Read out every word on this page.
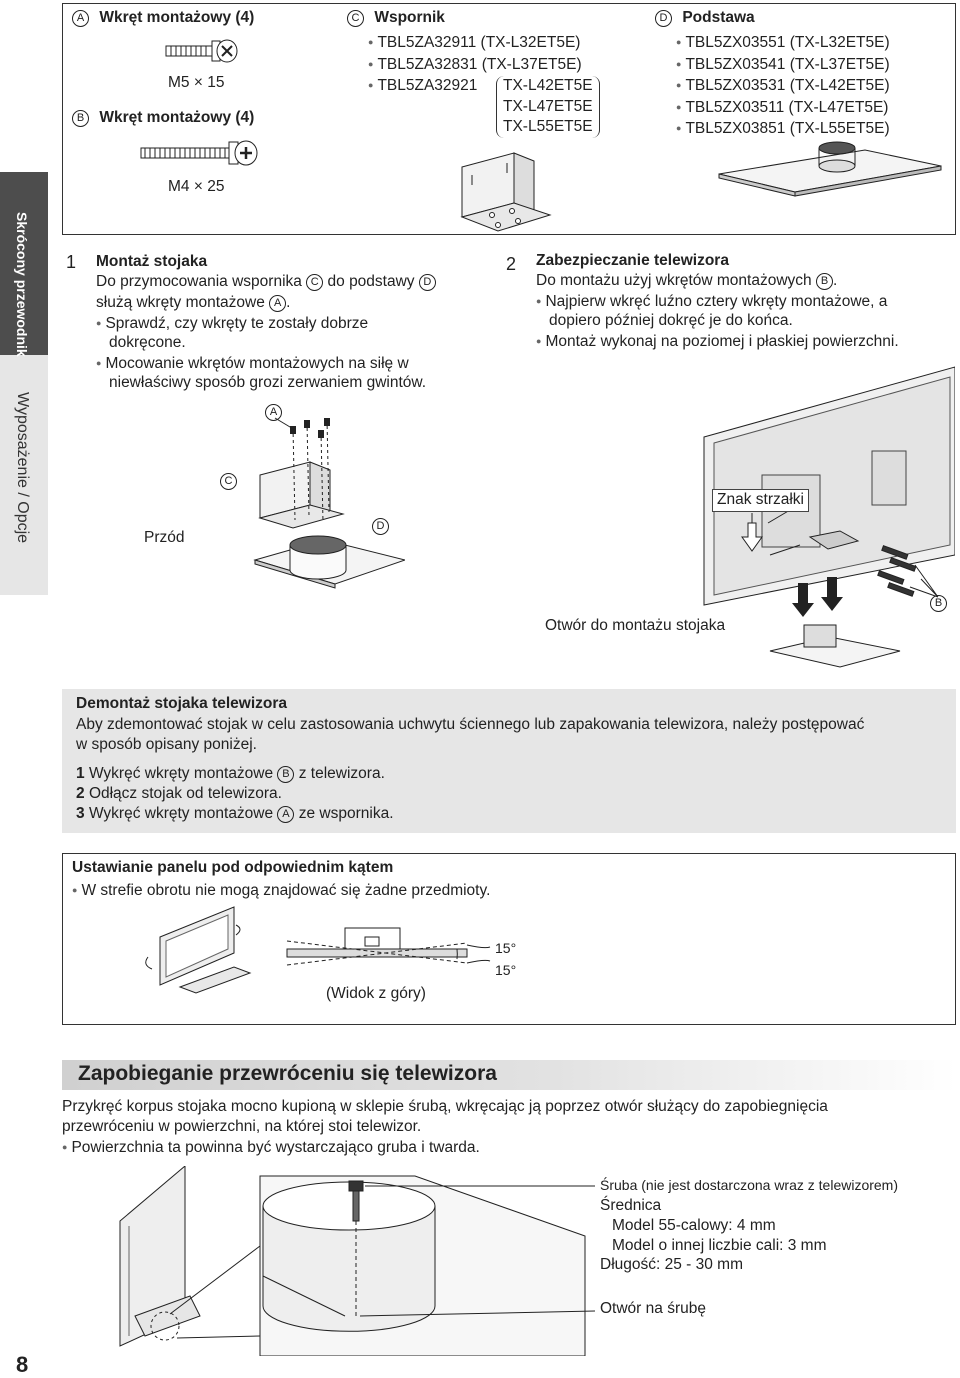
Skrócony przewodnik
Wyposażenie / Opcje
8
A Wkręt montażowy (4)
M5 × 15
B Wkręt montażowy (4)
M4 × 25
C Wspornik
● TBL5ZA32911 (TX-L32ET5E)
● TBL5ZA32831 (TX-L37ET5E)
● TBL5ZA32921	TX-L42ET5E
TX-L47ET5E
TX-L55ET5E
D Podstawa
● TBL5ZX03551 (TX-L32ET5E)
● TBL5ZX03541 (TX-L37ET5E)
● TBL5ZX03531 (TX-L42ET5E)
● TBL5ZX03511 (TX-L47ET5E)
● TBL5ZX03851 (TX-L55ET5E)
1 Montaż stojaka
Do przymocowania wspornika C do podstawy D
służą wkręty montażowe A .
● Sprawdź, czy wkręty te zostały dobrze
dokręcone.
● Mocowanie wkrętów montażowych na siłę w
niewłaściwy sposób grozi zerwaniem gwintów.
A
C
D
Przód
2 Zabezpieczanie telewizora
Do montażu użyj wkrętów montażowych B .
● Najpierw wkręć luźno cztery wkręty montażowe, a
dopiero później dokręć je do końca.
● Montaż wykonaj na poziomej i płaskiej powierzchni.
Znak strzałki
Otwór do montażu stojaka
B
Demontaż stojaka telewizora
Aby zdemontować stojak w celu zastosowania uchwytu ściennego lub zapakowania telewizora, należy postępować
w sposób opisany poniżej.
1 Wykręć wkręty montażowe B z telewizora.
2 Odłącz stojak od telewizora.
3 Wykręć wkręty montażowe A ze wspornika.
Ustawianie panelu pod odpowiednim kątem
● W strefie obrotu nie mogą znajdować się żadne przedmioty.
15°
15°
(Widok z góry)
Zapobieganie przewróceniu się telewizora
Przykręć korpus stojaka mocno kupioną w sklepie śrubą, wkręcając ją poprzez otwór służący do zapobiegnięcia
przewróceniu w powierzchni, na której stoi telewizor.
● Powierzchnia ta powinna być wystarczająco gruba i twarda.
Śruba (nie jest dostarczona wraz z telewizorem)
Średnica
Model 55-calowy: 4 mm
Model o innej liczbie cali: 3 mm
Długość: 25 - 30 mm
Otwór na śrubę
